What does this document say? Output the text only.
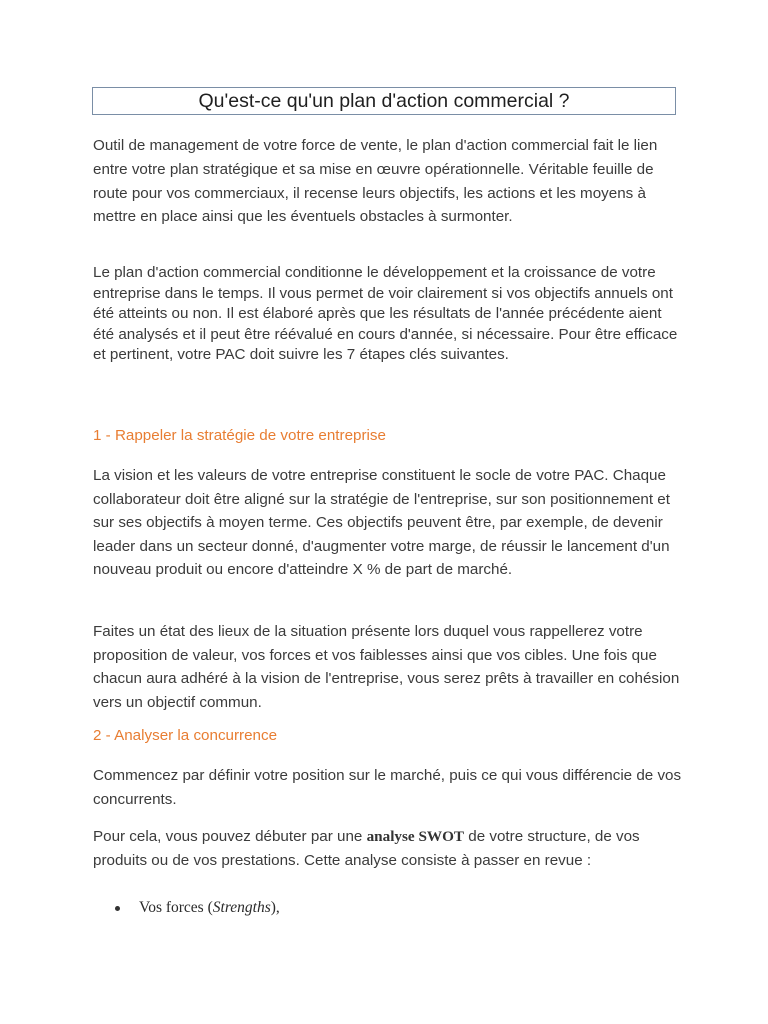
Qu'est-ce qu'un plan d'action commercial ?

Outil de management de votre force de vente, le plan d'action commercial fait le lien entre votre plan stratégique et sa mise en œuvre opérationnelle. Véritable feuille de route pour vos commerciaux, il recense leurs objectifs, les actions et les moyens à mettre en place ainsi que les éventuels obstacles à surmonter.

Le plan d'action commercial conditionne le développement et la croissance de votre entreprise dans le temps. Il vous permet de voir clairement si vos objectifs annuels ont été atteints ou non. Il est élaboré après que les résultats de l'année précédente aient été analysés et il peut être réévalué en cours d'année, si nécessaire. Pour être efficace et pertinent, votre PAC doit suivre les 7 étapes clés suivantes.

1 - Rappeler la stratégie de votre entreprise

La vision et les valeurs de votre entreprise constituent le socle de votre PAC. Chaque collaborateur doit être aligné sur la stratégie de l'entreprise, sur son positionnement et sur ses objectifs à moyen terme. Ces objectifs peuvent être, par exemple, de devenir leader dans un secteur donné, d'augmenter votre marge, de réussir le lancement d'un nouveau produit ou encore d'atteindre X % de part de marché.

Faites un état des lieux de la situation présente lors duquel vous rappellerez votre proposition de valeur, vos forces et vos faiblesses ainsi que vos cibles. Une fois que chacun aura adhéré à la vision de l'entreprise, vous serez prêts à travailler en cohésion vers un objectif commun.

2 - Analyser la concurrence

Commencez par définir votre position sur le marché, puis ce qui vous différencie de vos concurrents.

Pour cela, vous pouvez débuter par une analyse SWOT de votre structure, de vos produits ou de vos prestations. Cette analyse consiste à passer en revue :

Vos forces (Strengths),
